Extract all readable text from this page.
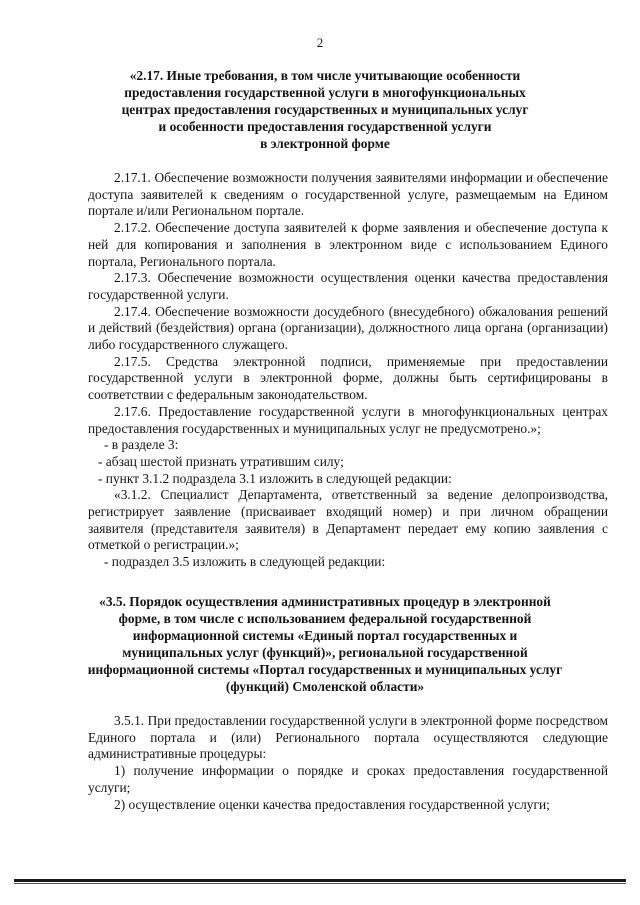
2
«2.17. Иные требования, в том числе учитывающие особенности
предоставления государственной услуги в многофункциональных
центрах предоставления государственных и муниципальных услуг
и особенности предоставления государственной услуги
в электронной форме

2.17.1. Обеспечение возможности получения заявителями информации и обеспечение доступа заявителей к сведениям о государственной услуге, размещаемым на Едином портале и/или Региональном портале.

2.17.2. Обеспечение доступа заявителей к форме заявления и обеспечение доступа к ней для копирования и заполнения в электронном виде с использованием Единого портала, Регионального портала.

2.17.3. Обеспечение возможности осуществления оценки качества предоставления государственной услуги.

2.17.4. Обеспечение возможности досудебного (внесудебного) обжалования решений и действий (бездействия) органа (организации), должностного лица органа (организации) либо государственного служащего.

2.17.5. Средства электронной подписи, применяемые при предоставлении государственной услуги в электронной форме, должны быть сертифицированы в соответствии с федеральным законодательством.

2.17.6. Предоставление государственной услуги в многофункциональных центрах предоставления государственных и муниципальных услуг не предусмотрено.»;

- в разделе 3:

- абзац шестой признать утратившим силу;

- пункт 3.1.2 подраздела 3.1 изложить в следующей редакции:

«3.1.2. Специалист Департамента, ответственный за ведение делопроизводства, регистрирует заявление (присваивает входящий номер) и при личном обращении заявителя (представителя заявителя) в Департамент передает ему копию заявления с отметкой о регистрации.»;

- подраздел 3.5 изложить в следующей редакции:

«3.5. Порядок осуществления административных процедур в электронной
форме, в том числе с использованием федеральной государственной
информационной системы «Единый портал государственных и
муниципальных услуг (функций)», региональной государственной
информационной системы «Портал государственных и муниципальных услуг
(функций) Смоленской области»

3.5.1. При предоставлении государственной услуги в электронной форме посредством Единого портала и (или) Регионального портала осуществляются следующие административные процедуры:

1) получение информации о порядке и сроках предоставления государственной услуги;

2) осуществление оценки качества предоставления государственной услуги;
